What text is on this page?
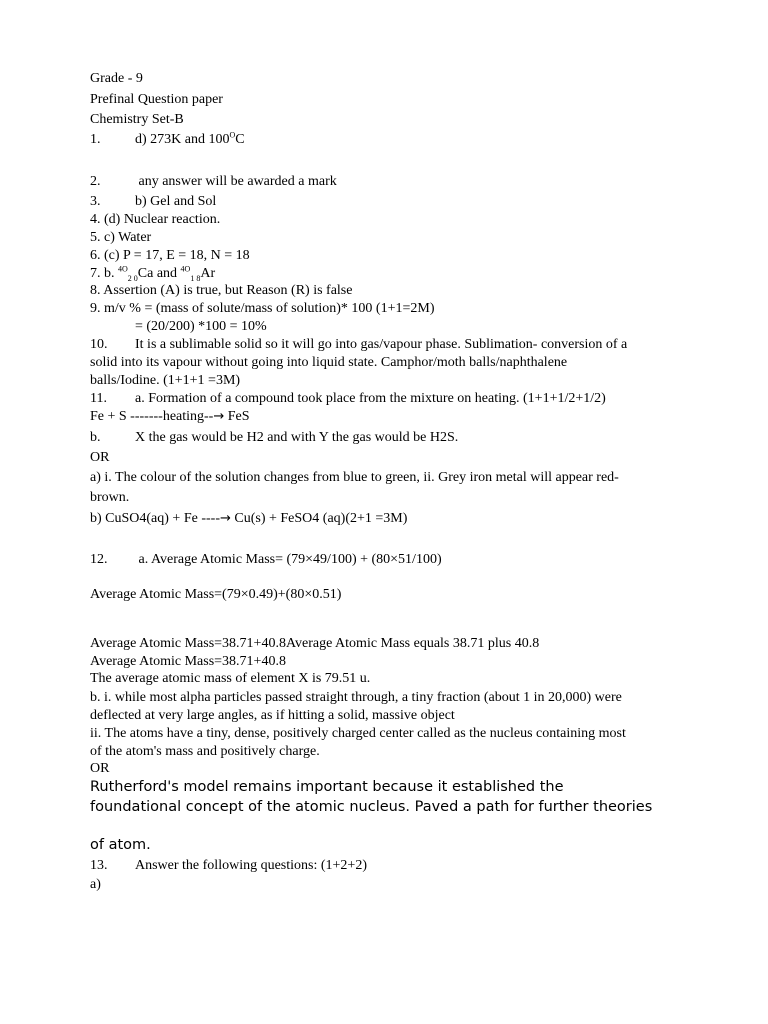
Grade - 9
Prefinal Question paper
Chemistry Set-B
1. d) 273K and $100^OC$
2. any answer will be awarded a mark
3. b) Gel and Sol
4. (d) Nuclear reaction.
5. c) Water
6. (c) P = 17, E = 18, N = 18
7. b. $^{4O}_{2 0}$Ca and $^{4O}_{1 8}$Ar
8. Assertion (A) is true, but Reason (R) is false
9. m/v % = (mass of solute/mass of solution)* 100 (1+1=2M)
= (20/200) *100 = 10%
10. It is a sublimable solid so it will go into gas/vapour phase. Sublimation- conversion of a
solid into its vapour without going into liquid state. Camphor/moth balls/naphthalene
balls/Iodine. (1+1+1 =3M)
11. a. Formation of a compound took place from the mixture on heating. (1+1+1/2+1/2)
Fe + S -------heating--→ FeS
b. X the gas would be H2 and with Y the gas would be H2S.
OR
a) i. The colour of the solution changes from blue to green, ii. Grey iron metal will appear red-
brown.
b) CuSO4(aq) + Fe ----→ Cu(s) + FeSO4 (aq)(2+1 =3M)
12. a. Average Atomic Mass= (79×49/100) + (80×51/100)
Average Atomic Mass=(79×0.49)+(80×0.51)
Average Atomic Mass=38.71+40.8Average Atomic Mass equals 38.71 plus 40.8
Average Atomic Mass=38.71+40.8
The average atomic mass of element X is 79.51 u.
b. i. while most alpha particles passed straight through, a tiny fraction (about 1 in 20,000) were
deflected at very large angles, as if hitting a solid, massive object
ii. The atoms have a tiny, dense, positively charged center called as the nucleus containing most
of the atom's mass and positively charge.
OR
Rutherford's model remains important because it established the
foundational concept of the atomic nucleus. Paved a path for further theories
of atom.
13. Answer the following questions: (1+2+2)
a)
